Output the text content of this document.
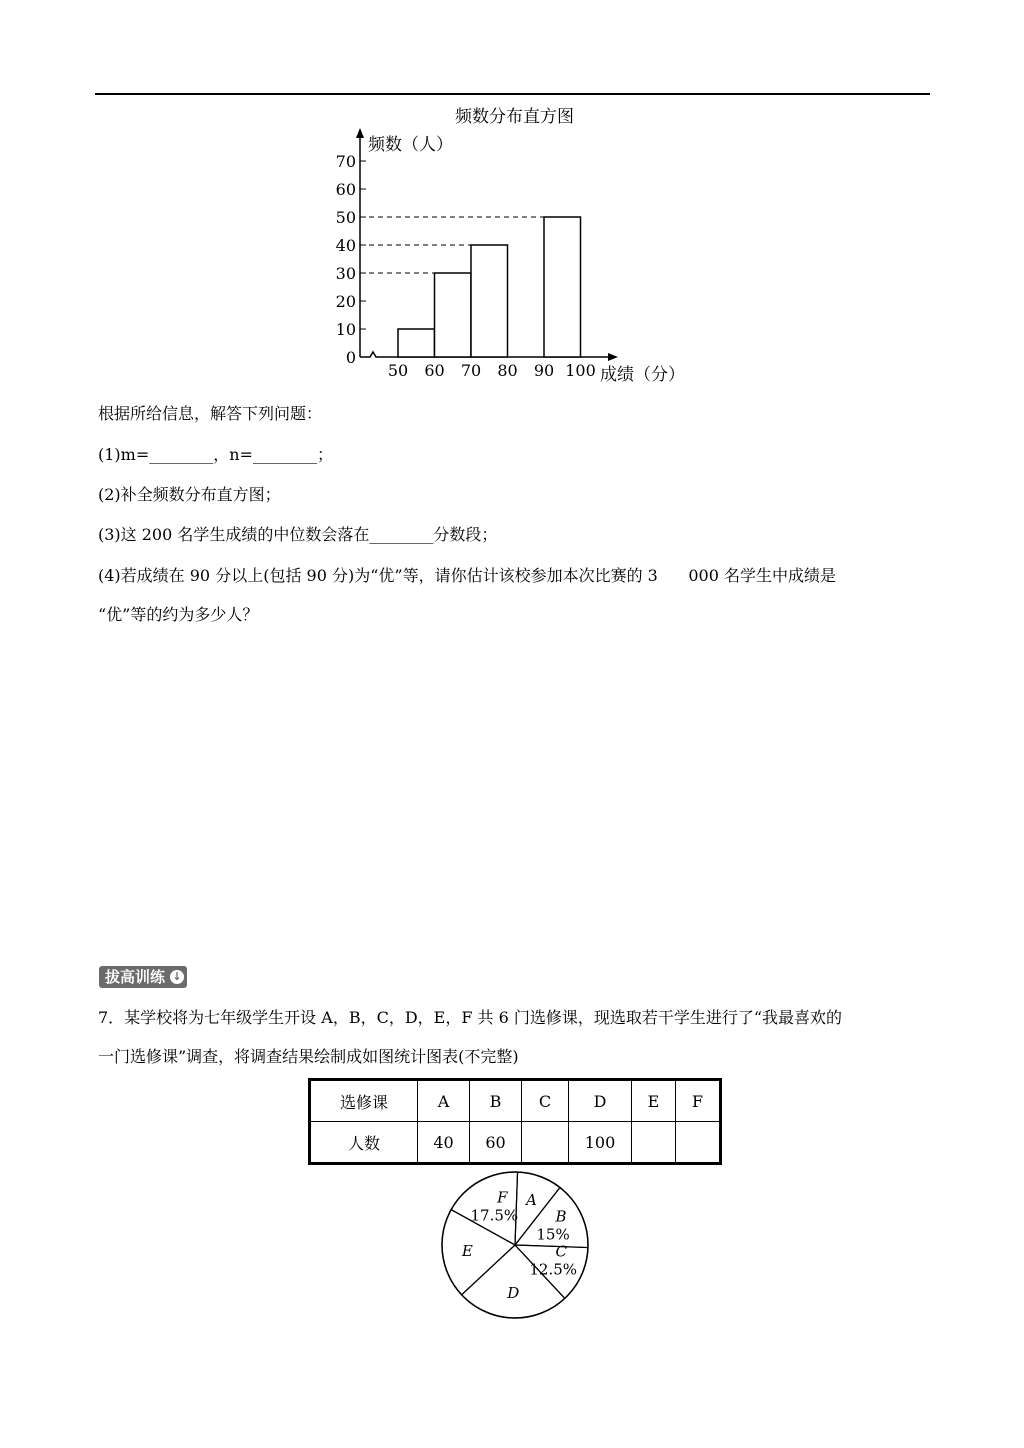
频数分布直方图
频数（人）
成绩（分）
0
10
20
30
40
50
60
70
50 60 70 80 90 100
根据所给信息，解答下列问题：
(1)m=________，n=________；
(2)补全频数分布直方图；
(3)这 200 名学生成绩的中位数会落在________分数段；
(4)若成绩在 90 分以上(包括 90 分)为“优”等，请你估计该校参加本次比赛的 3      000 名学生中成绩是
“优”等的约为多少人？
拔高训练 ↓
7．某学校将为七年级学生开设 A，B，C，D，E，F 共 6 门选修课，现选取若干学生进行了“我最喜欢的
一门选修课”调查，将调查结果绘制成如图统计图表(不完整)
选修课	A	B	C	D	E	F
人数	40	60		100		
A
B
15%
C
12.5%
D
E
F
17.5%
